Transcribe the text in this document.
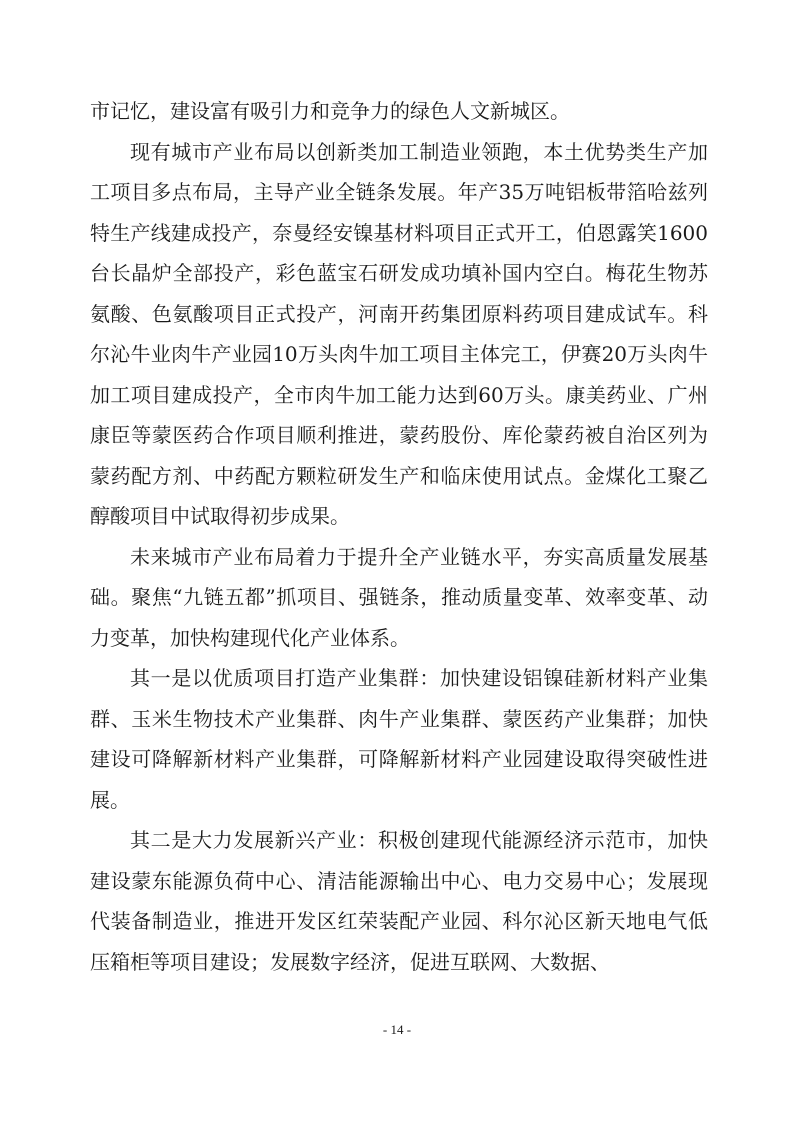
市记忆，建设富有吸引力和竞争力的绿色人文新城区。

现有城市产业布局以创新类加工制造业领跑，本土优势类生产加工项目多点布局，主导产业全链条发展。年产35万吨铝板带箔哈兹列特生产线建成投产，奈曼经安镍基材料项目正式开工，伯恩露笑1600台长晶炉全部投产，彩色蓝宝石研发成功填补国内空白。梅花生物苏氨酸、色氨酸项目正式投产，河南开药集团原料药项目建成试车。科尔沁牛业肉牛产业园10万头肉牛加工项目主体完工，伊赛20万头肉牛加工项目建成投产，全市肉牛加工能力达到60万头。康美药业、广州康臣等蒙医药合作项目顺利推进，蒙药股份、库伦蒙药被自治区列为蒙药配方剂、中药配方颗粒研发生产和临床使用试点。金煤化工聚乙醇酸项目中试取得初步成果。

未来城市产业布局着力于提升全产业链水平，夯实高质量发展基础。聚焦“九链五都”抓项目、强链条，推动质量变革、效率变革、动力变革，加快构建现代化产业体系。

其一是以优质项目打造产业集群：加快建设铝镍硅新材料产业集群、玉米生物技术产业集群、肉牛产业集群、蒙医药产业集群；加快建设可降解新材料产业集群，可降解新材料产业园建设取得突破性进展。

其二是大力发展新兴产业：积极创建现代能源经济示范市，加快建设蒙东能源负荷中心、清洁能源输出中心、电力交易中心；发展现代装备制造业，推进开发区红荣装配产业园、科尔沁区新天地电气低压箱柜等项目建设；发展数字经济，促进互联网、大数据、

- 14 -
